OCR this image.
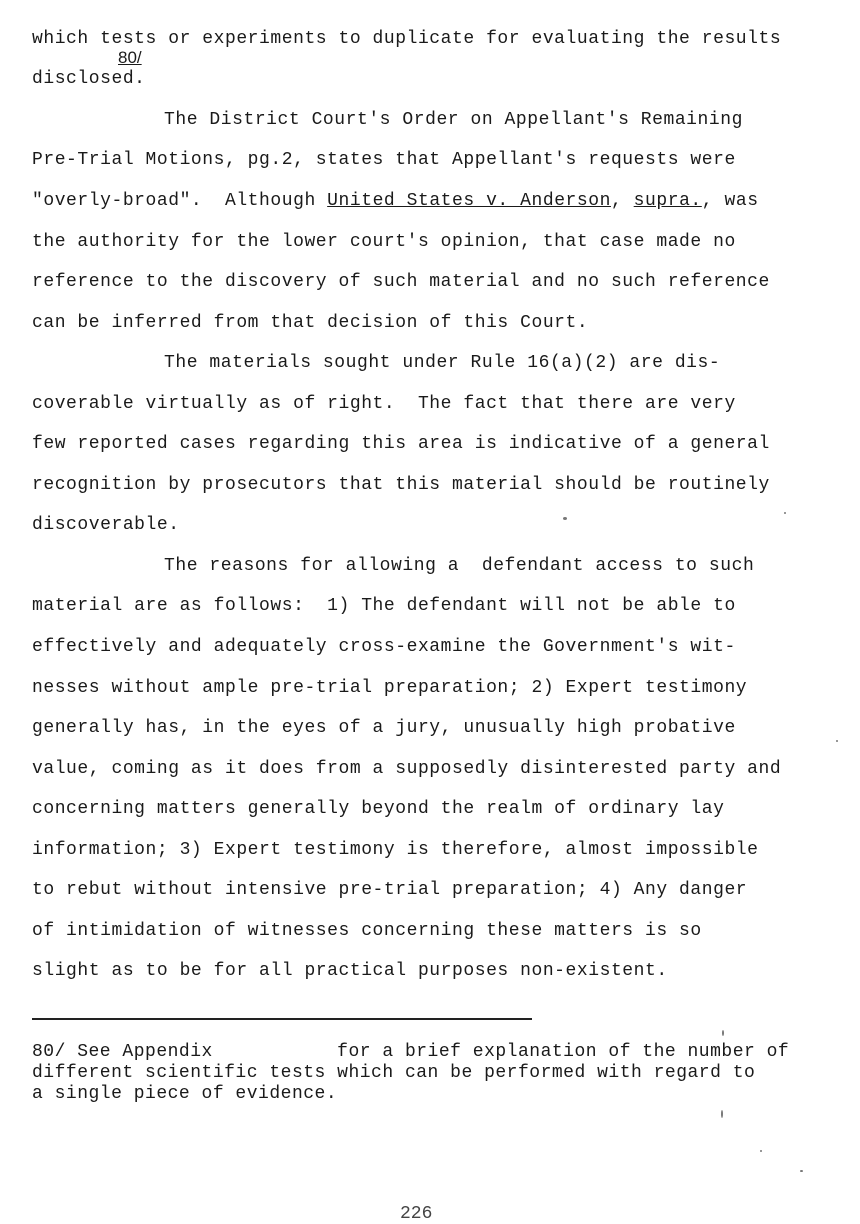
which tests or experiments to duplicate for evaluating the results
80/
disclosed.
The District Court's Order on Appellant's Remaining
Pre-Trial Motions, pg.2, states that Appellant's requests were
"overly-broad".  Although United States v. Anderson, supra., was
the authority for the lower court's opinion, that case made no
reference to the discovery of such material and no such reference
can be inferred from that decision of this Court.
The materials sought under Rule 16(a)(2) are dis-
coverable virtually as of right.  The fact that there are very
few reported cases regarding this area is indicative of a general
recognition by prosecutors that this material should be routinely
discoverable.
The reasons for allowing a  defendant access to such
material are as follows:  1) The defendant will not be able to
effectively and adequately cross-examine the Government's wit-
nesses without ample pre-trial preparation; 2) Expert testimony
generally has, in the eyes of a jury, unusually high probative
value, coming as it does from a supposedly disinterested party and
concerning matters generally beyond the realm of ordinary lay
information; 3) Expert testimony is therefore, almost impossible
to rebut without intensive pre-trial preparation; 4) Any danger
of intimidation of witnesses concerning these matters is so
slight as to be for all practical purposes non-existent.
80/ See Appendix           for a brief explanation of the number of
different scientific tests which can be performed with regard to
a single piece of evidence.
226
